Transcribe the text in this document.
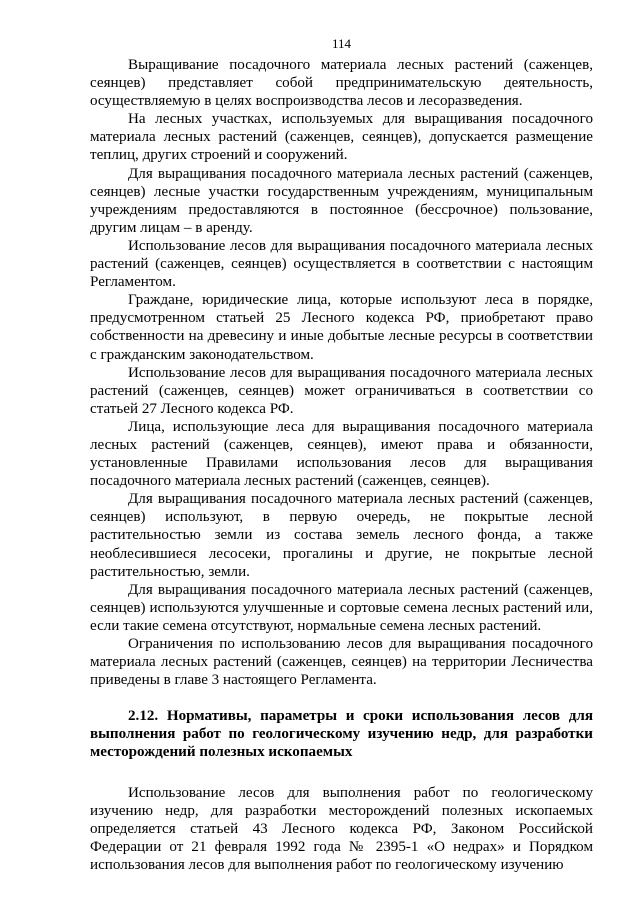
114

Выращивание посадочного материала лесных растений (саженцев, сеянцев) представляет собой предпринимательскую деятельность, осуществляемую в целях воспроизводства лесов и лесоразведения.

На лесных участках, используемых для выращивания посадочного материала лесных растений (саженцев, сеянцев), допускается размещение теплиц, других строений и сооружений.

Для выращивания посадочного материала лесных растений (саженцев, сеянцев) лесные участки государственным учреждениям, муниципальным учреждениям предоставляются в постоянное (бессрочное) пользование, другим лицам – в аренду.

Использование лесов для выращивания посадочного материала лесных растений (саженцев, сеянцев) осуществляется в соответствии с настоящим Регламентом.

Граждане, юридические лица, которые используют леса в порядке, предусмотренном статьей 25 Лесного кодекса РФ, приобретают право собственности на древесину и иные добытые лесные ресурсы в соответствии с гражданским законодательством.

Использование лесов для выращивания посадочного материала лесных растений (саженцев, сеянцев) может ограничиваться в соответствии со статьей 27 Лесного кодекса РФ.

Лица, использующие леса для выращивания посадочного материала лесных растений (саженцев, сеянцев), имеют права и обязанности, установленные Правилами использования лесов для выращивания посадочного материала лесных растений (саженцев, сеянцев).

Для выращивания посадочного материала лесных растений (саженцев, сеянцев) используют, в первую очередь, не покрытые лесной растительностью земли из состава земель лесного фонда, а также необлесившиеся лесосеки, прогалины и другие, не покрытые лесной растительностью, земли.

Для выращивания посадочного материала лесных растений (саженцев, сеянцев) используются улучшенные и сортовые семена лесных растений или, если такие семена отсутствуют, нормальные семена лесных растений.

Ограничения по использованию лесов для выращивания посадочного материала лесных растений (саженцев, сеянцев) на территории Лесничества приведены в главе 3 настоящего Регламента.

2.12. Нормативы, параметры и сроки использования лесов для выполнения работ по геологическому изучению недр, для разработки месторождений полезных ископаемых

Использование лесов для выполнения работ по геологическому изучению недр, для разработки месторождений полезных ископаемых определяется статьей 43 Лесного кодекса РФ, Законом Российской Федерации от 21 февраля 1992 года № 2395-1 «О недрах» и Порядком использования лесов для выполнения работ по геологическому изучению
